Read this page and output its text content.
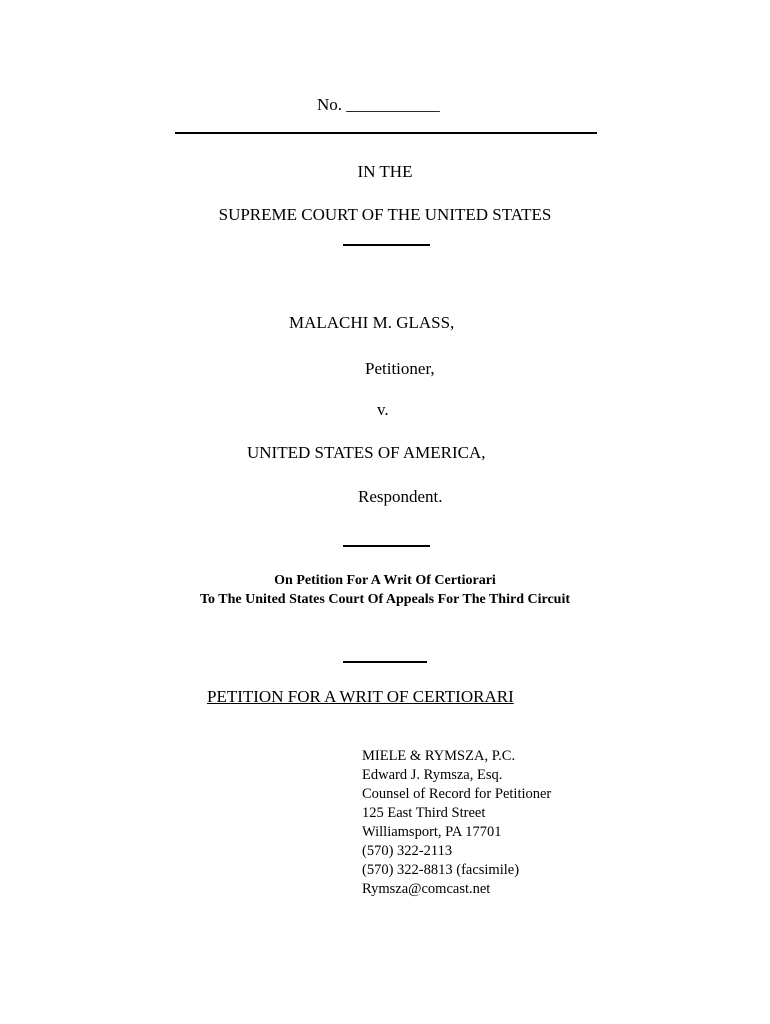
No. ___________
IN THE
SUPREME COURT OF THE UNITED STATES
MALACHI M. GLASS,
Petitioner,
v.
UNITED STATES OF AMERICA,
Respondent.
On Petition For A Writ Of Certiorari
To The United States Court Of Appeals For The Third Circuit
PETITION FOR A WRIT OF CERTIORARI
MIELE & RYMSZA, P.C.
Edward J. Rymsza, Esq.
Counsel of Record for Petitioner
125 East Third Street
Williamsport, PA 17701
(570) 322-2113
(570) 322-8813 (facsimile)
Rymsza@comcast.net
